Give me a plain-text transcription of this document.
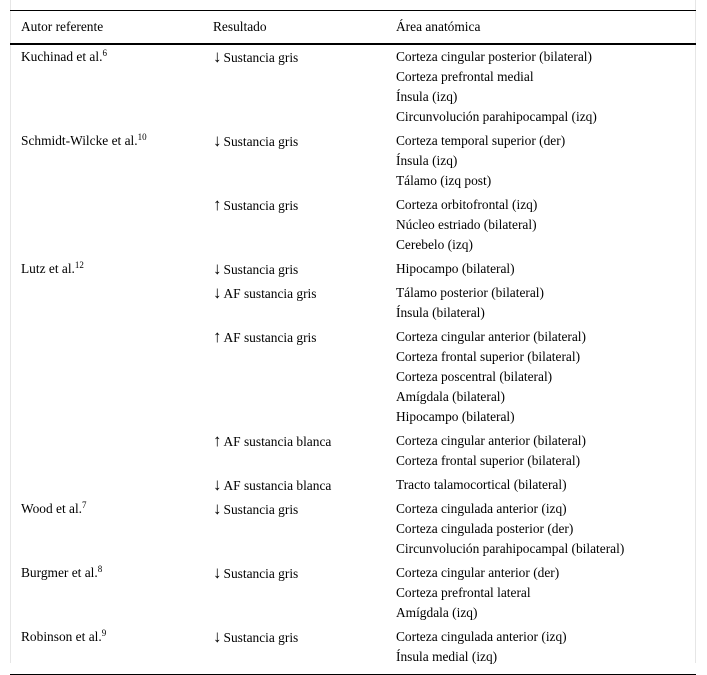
Autor referente	Resultado	Área anatómica

Kuchinad et al.$^6$	↓ Sustancia gris	Corteza cingular posterior (bilateral)
Corteza prefrontal medial
Ínsula (izq)
Circunvolución parahipocampal (izq)

Schmidt-Wilcke et al.$^{10}$	↓ Sustancia gris	Corteza temporal superior (der)
Ínsula (izq)
Tálamo (izq post)

	↑ Sustancia gris	Corteza orbitofrontal (izq)
Núcleo estriado (bilateral)
Cerebelo (izq)

Lutz et al.$^{12}$	↓ Sustancia gris	Hipocampo (bilateral)

	↓ AF sustancia gris	Tálamo posterior (bilateral)
Ínsula (bilateral)

	↑ AF sustancia gris	Corteza cingular anterior (bilateral)
Corteza frontal superior (bilateral)
Corteza poscentral (bilateral)
Amígdala (bilateral)
Hipocampo (bilateral)

	↑ AF sustancia blanca	Corteza cingular anterior (bilateral)
Corteza frontal superior (bilateral)

	↓ AF sustancia blanca	Tracto talamocortical (bilateral)

Wood et al.$^7$	↓ Sustancia gris	Corteza cingulada anterior (izq)
Corteza cingulada posterior (der)
Circunvolución parahipocampal (bilateral)

Burgmer et al.$^8$	↓ Sustancia gris	Corteza cingular anterior (der)
Corteza prefrontal lateral
Amígdala (izq)

Robinson et al.$^9$	↓ Sustancia gris	Corteza cingulada anterior (izq)
Ínsula medial (izq)
